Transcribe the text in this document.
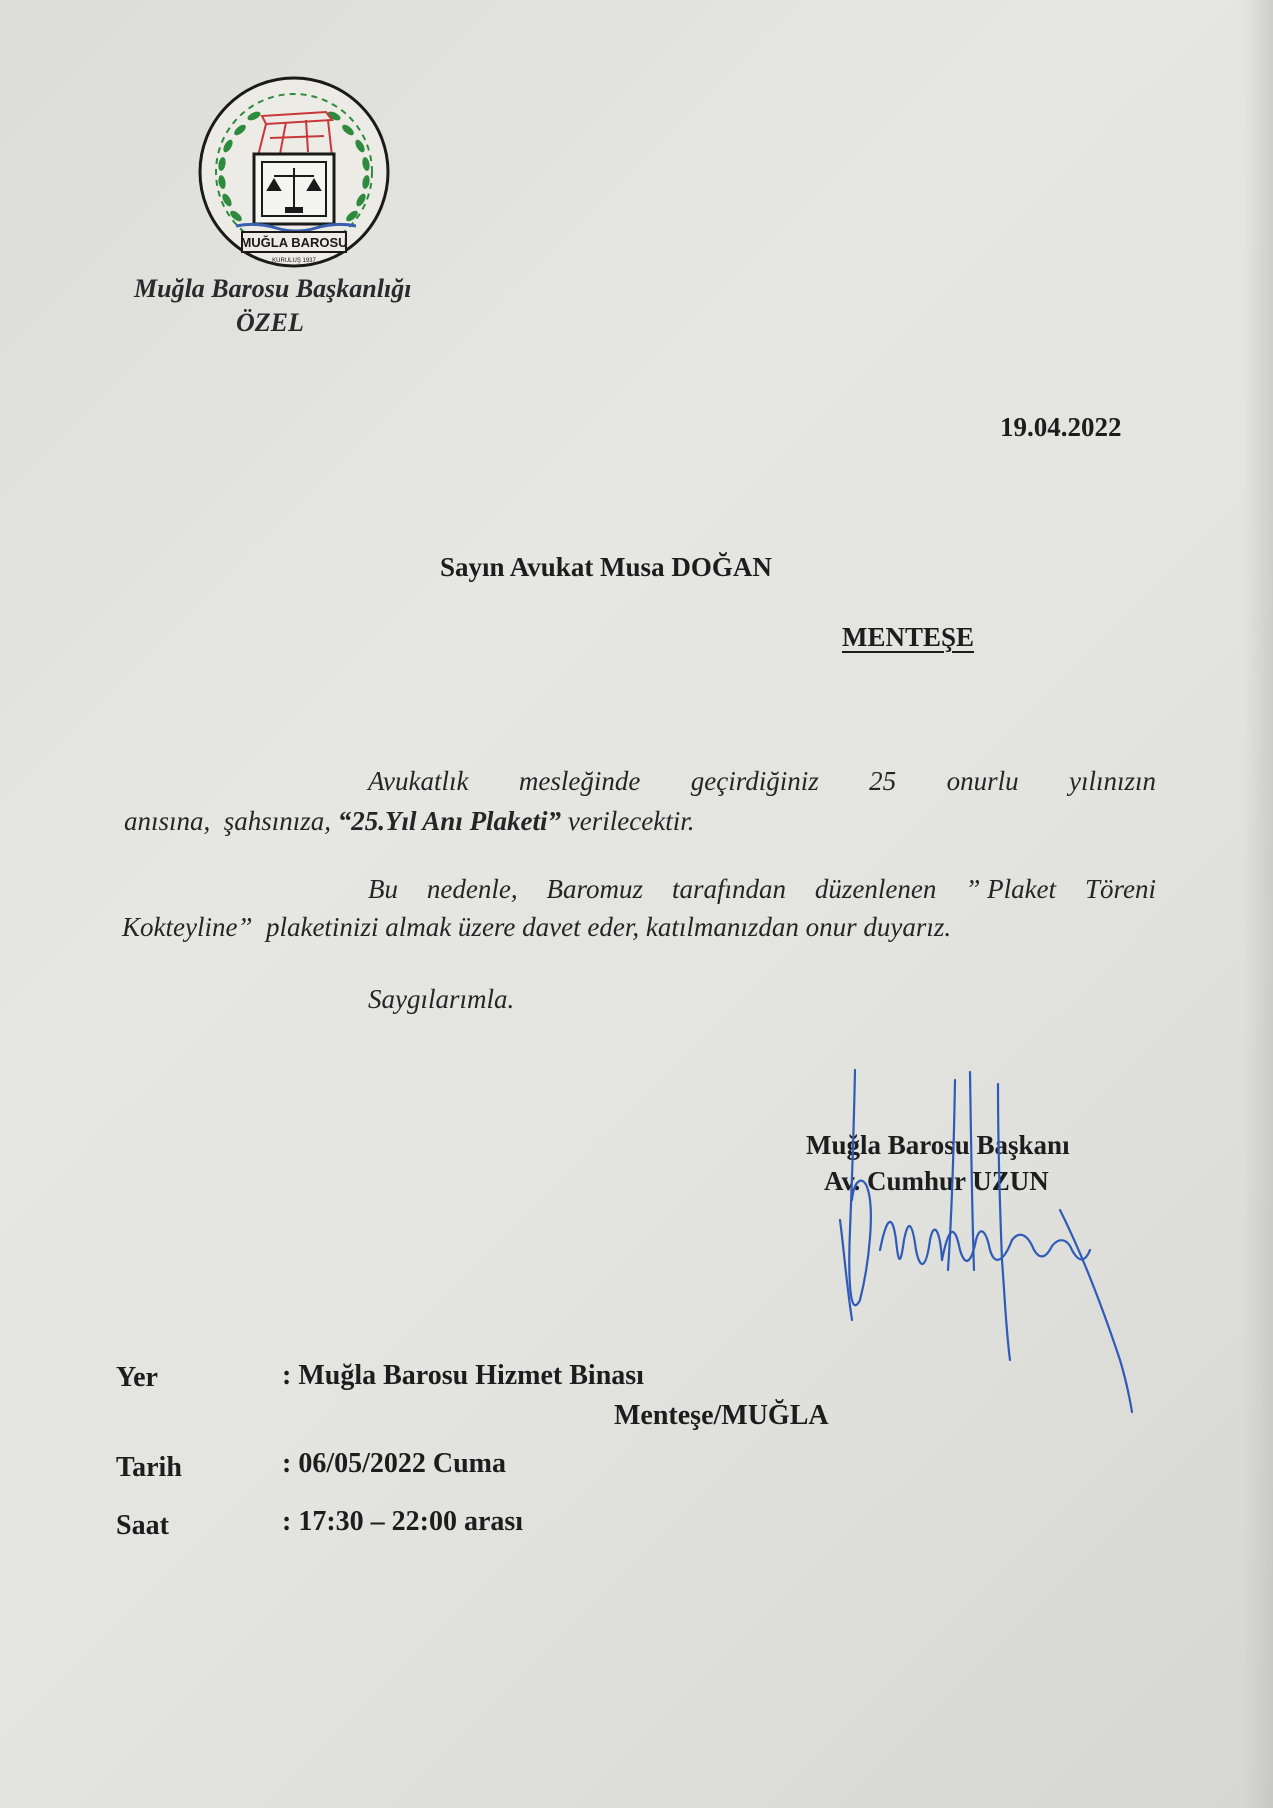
MUĞLA BAROSU
KURULUŞ 1937
Muğla Barosu Başkanlığı
ÖZEL
19.04.2022
Sayın Avukat Musa DOĞAN
MENTEŞE
Avukatlık mesleğinde geçirdiğiniz 25 onurlu yılınızın
anısına,  şahsınıza, “25.Yıl Anı Plaketi” verilecektir.
Bu nedenle, Baromuz tarafından düzenlenen ” Plaket Töreni
Kokteyline”  plaketinizi almak üzere davet eder, katılmanızdan onur duyarız.
Saygılarımla.
Muğla Barosu Başkanı
Av. Cumhur UZUN
Yer	: Muğla Barosu Hizmet Binası
Menteşe/MUĞLA
Tarih	: 06/05/2022 Cuma
Saat	: 17:30 – 22:00 arası
